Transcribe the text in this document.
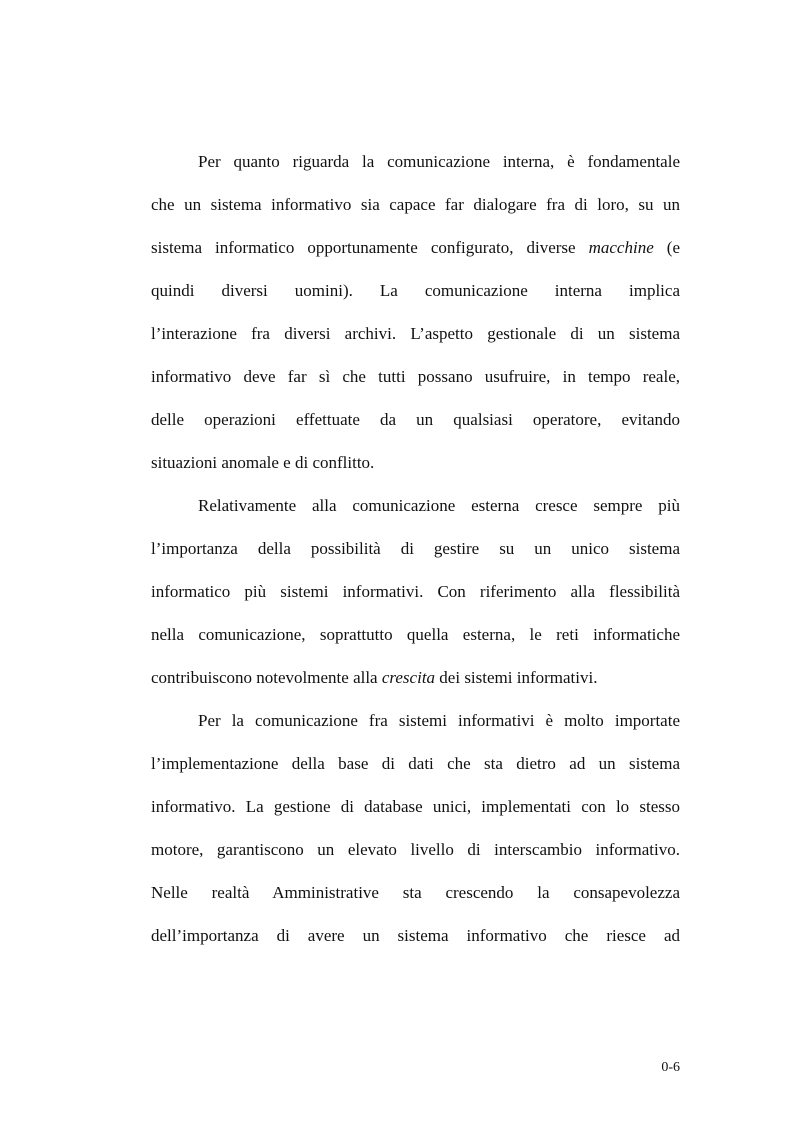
Per quanto riguarda la comunicazione interna, è fondamentale
che un sistema informativo sia capace far dialogare fra di loro, su un
sistema informatico opportunamente configurato, diverse macchine (e
quindi diversi uomini). La comunicazione interna implica
l’interazione fra diversi archivi. L’aspetto gestionale di un sistema
informativo deve far sì che tutti possano usufruire, in tempo reale,
delle operazioni effettuate da un qualsiasi operatore, evitando
situazioni anomale e di conflitto.
Relativamente alla comunicazione esterna cresce sempre più
l’importanza della possibilità di gestire su un unico sistema
informatico più sistemi informativi. Con riferimento alla flessibilità
nella comunicazione, soprattutto quella esterna, le reti informatiche
contribuiscono notevolmente alla crescita dei sistemi informativi.
Per la comunicazione fra sistemi informativi è molto importate
l’implementazione della base di dati che sta dietro ad un sistema
informativo. La gestione di database unici, implementati con lo stesso
motore, garantiscono un elevato livello di interscambio informativo.
Nelle realtà Amministrative sta crescendo la consapevolezza
dell’importanza di avere un sistema informativo che riesce ad
0-6
